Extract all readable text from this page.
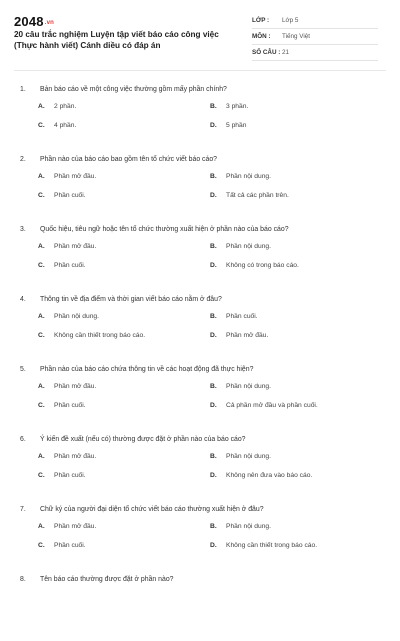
2048.vn
20 câu trắc nghiệm Luyện tập viết báo cáo công việc (Thực hành viết) Cánh diều có đáp án
LỚP :	Lớp 5
MÔN :	Tiếng Việt
SỐ CÂU : 21
1.	Bản báo cáo về một công việc thường gồm mấy phần chính?
A.	2 phần.	B.	3 phần.
C.	4 phần.	D.	5 phần
2.	Phần nào của báo cáo bao gồm tên tổ chức viết báo cáo?
A.	Phần mở đầu.	B.	Phần nội dung.
C.	Phần cuối.	D.	Tất cả các phần trên.
3.	Quốc hiệu, tiêu ngữ hoặc tên tổ chức thường xuất hiện ở phần nào của báo cáo?
A.	Phần mở đầu.	B.	Phần nội dung.
C.	Phần cuối.	D.	Không có trong báo cáo.
4.	Thông tin về địa điểm và thời gian viết báo cáo nằm ở đâu?
A.	Phần nội dung.	B.	Phần cuối.
C.	Không cần thiết trong báo cáo.	D.	Phần mở đầu.
5.	Phần nào của báo cáo chứa thông tin về các hoạt động đã thực hiện?
A.	Phần mở đầu.	B.	Phần nội dung.
C.	Phần cuối.	D.	Cả phần mở đầu và phần cuối.
6.	Ý kiến đề xuất (nếu có) thường được đặt ở phần nào của báo cáo?
A.	Phần mở đầu.	B.	Phần nội dung.
C.	Phần cuối.	D.	Không nên đưa vào báo cáo.
7.	Chữ ký của người đại diện tổ chức viết báo cáo thường xuất hiện ở đâu?
A.	Phần mở đầu.	B.	Phần nội dung.
C.	Phần cuối.	D.	Không cần thiết trong báo cáo.
8.	Tên báo cáo thường được đặt ở phần nào?
